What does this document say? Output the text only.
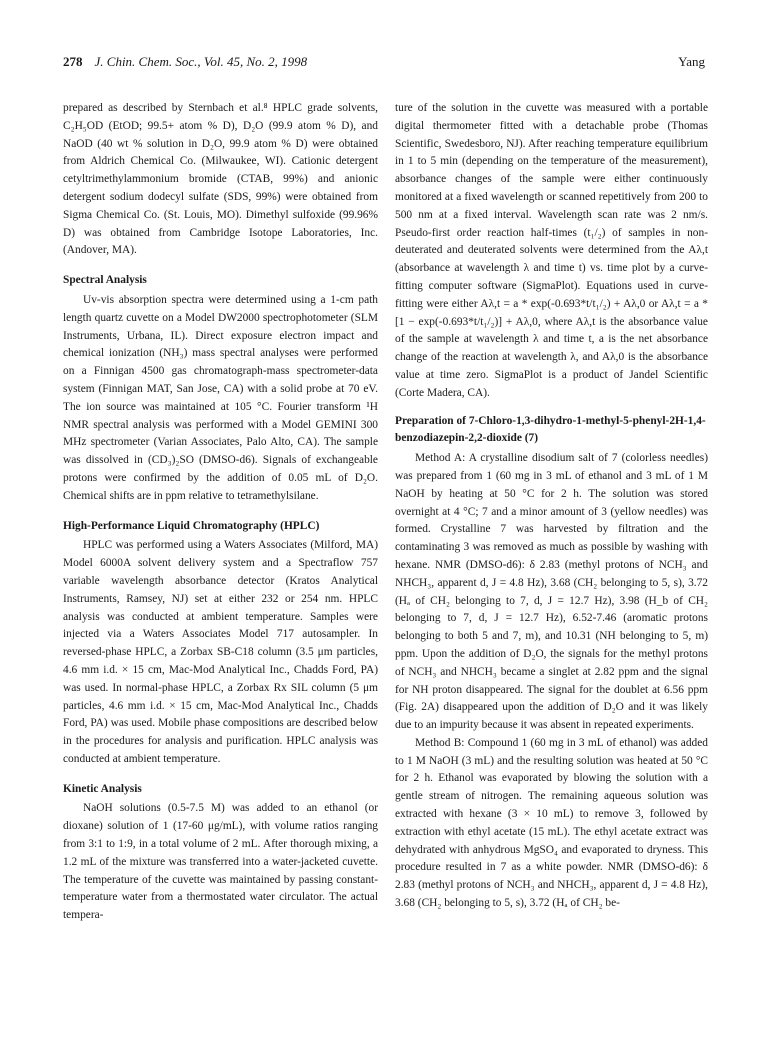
278 J. Chin. Chem. Soc., Vol. 45, No. 2, 1998	Yang

prepared as described by Sternbach et al.⁸ HPLC grade solvents, C₂H₅OD (EtOD; 99.5+ atom % D), D₂O (99.9 atom % D), and NaOD (40 wt % solution in D₂O, 99.9 atom % D) were obtained from Aldrich Chemical Co. (Milwaukee, WI). Cationic detergent cetyltrimethylammonium bromide (CTAB, 99%) and anionic detergent sodium dodecyl sulfate (SDS, 99%) were obtained from Sigma Chemical Co. (St. Louis, MO). Dimethyl sulfoxide (99.96% D) was obtained from Cambridge Isotope Laboratories, Inc. (Andover, MA).

Spectral Analysis

Uv-vis absorption spectra were determined using a 1-cm path length quartz cuvette on a Model DW2000 spectrophotometer (SLM Instruments, Urbana, IL). Direct exposure electron impact and chemical ionization (NH₃) mass spectral analyses were performed on a Finnigan 4500 gas chromatograph-mass spectrometer-data system (Finnigan MAT, San Jose, CA) with a solid probe at 70 eV. The ion source was maintained at 105 °C. Fourier transform ¹H NMR spectral analysis was performed with a Model GEMINI 300 MHz spectrometer (Varian Associates, Palo Alto, CA). The sample was dissolved in (CD₃)₂SO (DMSO-d6). Signals of exchangeable protons were confirmed by the addition of 0.05 mL of D₂O. Chemical shifts are in ppm relative to tetramethylsilane.

High-Performance Liquid Chromatography (HPLC)

HPLC was performed using a Waters Associates (Milford, MA) Model 6000A solvent delivery system and a Spectraflow 757 variable wavelength absorbance detector (Kratos Analytical Instruments, Ramsey, NJ) set at either 232 or 254 nm. HPLC analysis was conducted at ambient temperature. Samples were injected via a Waters Associates Model 717 autosampler. In reversed-phase HPLC, a Zorbax SB-C18 column (3.5 μm particles, 4.6 mm i.d. × 15 cm, Mac-Mod Analytical Inc., Chadds Ford, PA) was used. In normal-phase HPLC, a Zorbax Rx SIL column (5 μm particles, 4.6 mm i.d. × 15 cm, Mac-Mod Analytical Inc., Chadds Ford, PA) was used. Mobile phase compositions are described below in the procedures for analysis and purification. HPLC analysis was conducted at ambient temperature.

Kinetic Analysis

NaOH solutions (0.5-7.5 M) was added to an ethanol (or dioxane) solution of 1 (17-60 μg/mL), with volume ratios ranging from 3:1 to 1:9, in a total volume of 2 mL. After thorough mixing, a 1.2 mL of the mixture was transferred into a water-jacketed cuvette. The temperature of the cuvette was maintained by passing constant-temperature water from a thermostated water circulator. The actual tempera-

ture of the solution in the cuvette was measured with a portable digital thermometer fitted with a detachable probe (Thomas Scientific, Swedesboro, NJ). After reaching temperature equilibrium in 1 to 5 min (depending on the temperature of the measurement), absorbance changes of the sample were either continuously monitored at a fixed wavelength or scanned repetitively from 200 to 500 nm at a fixed interval. Wavelength scan rate was 2 nm/s. Pseudo-first order reaction half-times (t₁/₂) of samples in non-deuterated and deuterated solvents were determined from the Aλ,t (absorbance at wavelength λ and time t) vs. time plot by a curve-fitting computer software (SigmaPlot). Equations used in curve-fitting were either Aλ,t = a * exp(-0.693*t/t₁/₂) + Aλ,0 or Aλ,t = a *[1 − exp(-0.693*t/t₁/₂)] + Aλ,0, where Aλ,t is the absorbance value of the sample at wavelength λ and time t, a is the net absorbance change of the reaction at wavelength λ, and Aλ,0 is the absorbance value at time zero. SigmaPlot is a product of Jandel Scientific (Corte Madera, CA).

Preparation of 7-Chloro-1,3-dihydro-1-methyl-5-phenyl-2H-1,4-benzodiazepin-2,2-dioxide (7)

Method A: A crystalline disodium salt of 7 (colorless needles) was prepared from 1 (60 mg in 3 mL of ethanol and 3 mL of 1 M NaOH by heating at 50 °C for 2 h. The solution was stored overnight at 4 °C; 7 and a minor amount of 3 (yellow needles) was formed. Crystalline 7 was harvested by filtration and the contaminating 3 was removed as much as possible by washing with hexane. NMR (DMSO-d6): δ 2.83 (methyl protons of NCH₃ and NHCH₃, apparent d, J = 4.8 Hz), 3.68 (CH₂ belonging to 5, s), 3.72 (Hₐ of CH₂ belonging to 7, d, J = 12.7 Hz), 3.98 (H_b of CH₂ belonging to 7, d, J = 12.7 Hz), 6.52-7.46 (aromatic protons belonging to both 5 and 7, m), and 10.31 (NH belonging to 5, m) ppm. Upon the addition of D₂O, the signals for the methyl protons of NCH₃ and NHCH₃ became a singlet at 2.82 ppm and the signal for NH proton disappeared. The signal for the doublet at 6.56 ppm (Fig. 2A) disappeared upon the addition of D₂O and it was likely due to an impurity because it was absent in repeated experiments.

Method B: Compound 1 (60 mg in 3 mL of ethanol) was added to 1 M NaOH (3 mL) and the resulting solution was heated at 50 °C for 2 h. Ethanol was evaporated by blowing the solution with a gentle stream of nitrogen. The remaining aqueous solution was extracted with hexane (3 × 10 mL) to remove 3, followed by extraction with ethyl acetate (15 mL). The ethyl acetate extract was dehydrated with anhydrous MgSO₄ and evaporated to dryness. This procedure resulted in 7 as a white powder. NMR (DMSO-d6): δ 2.83 (methyl protons of NCH₃ and NHCH₃, apparent d, J = 4.8 Hz), 3.68 (CH₂ belonging to 5, s), 3.72 (Hₐ of CH₂ be-
